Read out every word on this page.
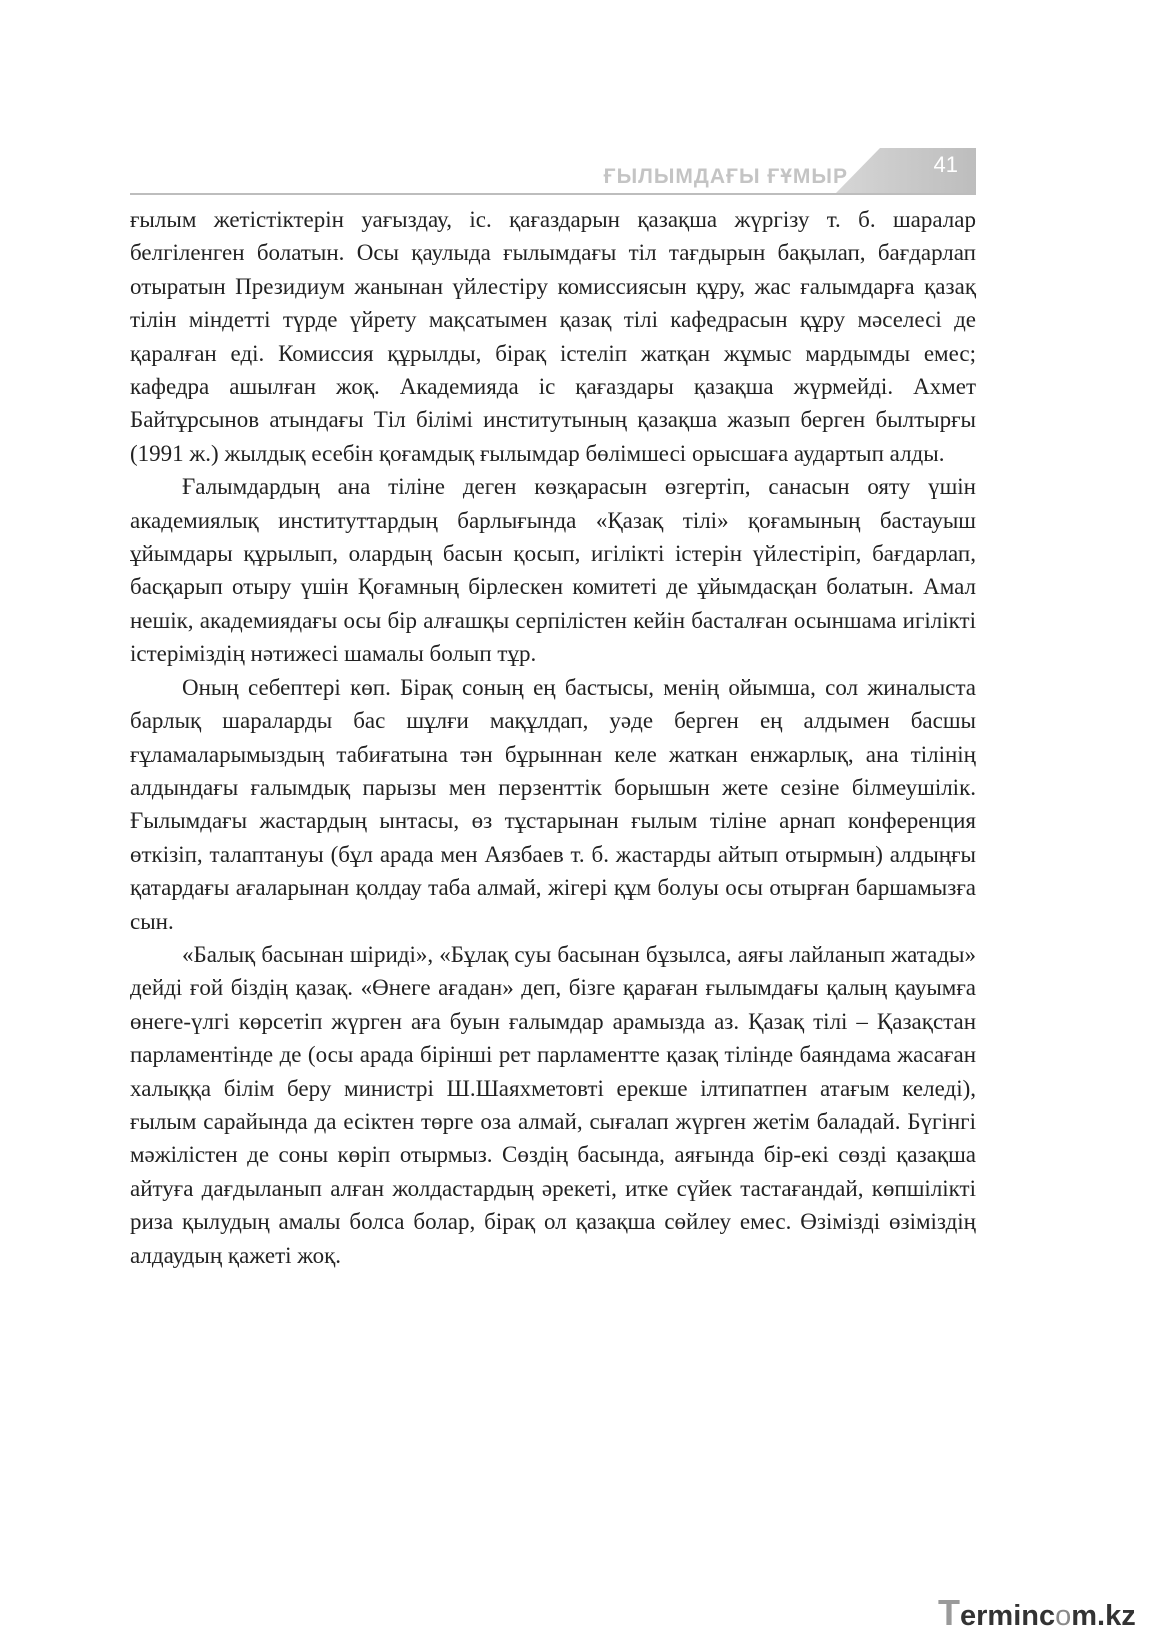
ҒЫЛЫМДАҒЫ ҒҰМЫР	41

ғылым жетістіктерін уағыздау, іс. қағаздарын қазақша жүргізу т. б. шаралар белгіленген болатын. Осы қаулыда ғылымдағы тіл тағдырын бақылап, бағдарлап отыратын Президиум жанынан үйлестіру комиссиясын құру, жас ғалымдарға қазақ тілін міндетті түрде үйрету мақсатымен қазақ тілі кафедрасын құру мәселесі де қаралған еді. Комиссия құрылды, бірақ істеліп жатқан жұмыс мардымды емес; кафедра ашылған жоқ. Академияда іс қағаздары қазақша жүрмейді. Ахмет Байтұрсынов атындағы Тіл білімі институтының қазақша жазып берген былтырғы (1991 ж.) жылдық есебін қоғамдық ғылымдар бөлімшесі орысшаға аудартып алды.

Ғалымдардың ана тіліне деген көзқарасын өзгертіп, санасын ояту үшін академиялық институттардың барлығында «Қазақ тілі» қоғамының бастауыш ұйымдары құрылып, олардың басын қосып, игілікті істерін үйлестіріп, бағдарлап, басқарып отыру үшін Қоғамның бірлескен комитеті де ұйымдасқан болатын. Амал нешік, академиядағы осы бір алғашқы серпілістен кейін басталған осыншама игілікті істеріміздің нәтижесі шамалы болып тұр.

Оның себептері көп. Бірақ соның ең бастысы, менің ойымша, сол жиналыста барлық шараларды бас шұлғи мақұлдап, уәде берген ең алдымен басшы ғұламаларымыздың табиғатына тән бұрыннан келе жаткан енжарлық, ана тілінің алдындағы ғалымдық парызы мен перзенттік борышын жете сезіне білмеушілік. Ғылымдағы жастардың ынтасы, өз тұстарынан ғылым тіліне арнап конференция өткізіп, талаптануы (бұл арада мен Аязбаев т. б. жастарды айтып отырмын) алдыңғы қатардағы ағаларынан қолдау таба алмай, жігері құм болуы осы отырған баршамызға сын.

«Балық басынан шіриді», «Бұлақ суы басынан бұзылса, аяғы лайланып жатады» дейді ғой біздің қазақ. «Өнеге ағадан» деп, бізге қараған ғылымдағы қалың қауымға өнеге-үлгі көрсетіп жүрген аға буын ғалымдар арамызда аз. Қазақ тілі – Қазақстан парламентінде де (осы арада бірінші рет парламентте қазақ тілінде баяндама жасаған халыққа білім беру министрі Ш.Шаяхметовті ерекше ілтипатпен атағым келеді), ғылым сарайында да есіктен төрге оза алмай, сығалап жүрген жетім баладай. Бүгінгі мәжілістен де соны көріп отырмыз. Сөздің басында, аяғында бір-екі сөзді қазақша айтуға дағдыланып алған жолдастардың әрекеті, итке сүйек тастағандай, көпшілікті риза қылудың амалы болса болар, бірақ ол қазақша сөйлеу емес. Өзімізді өзіміздің алдаудың қажеті жоқ.

Termincom.kz
